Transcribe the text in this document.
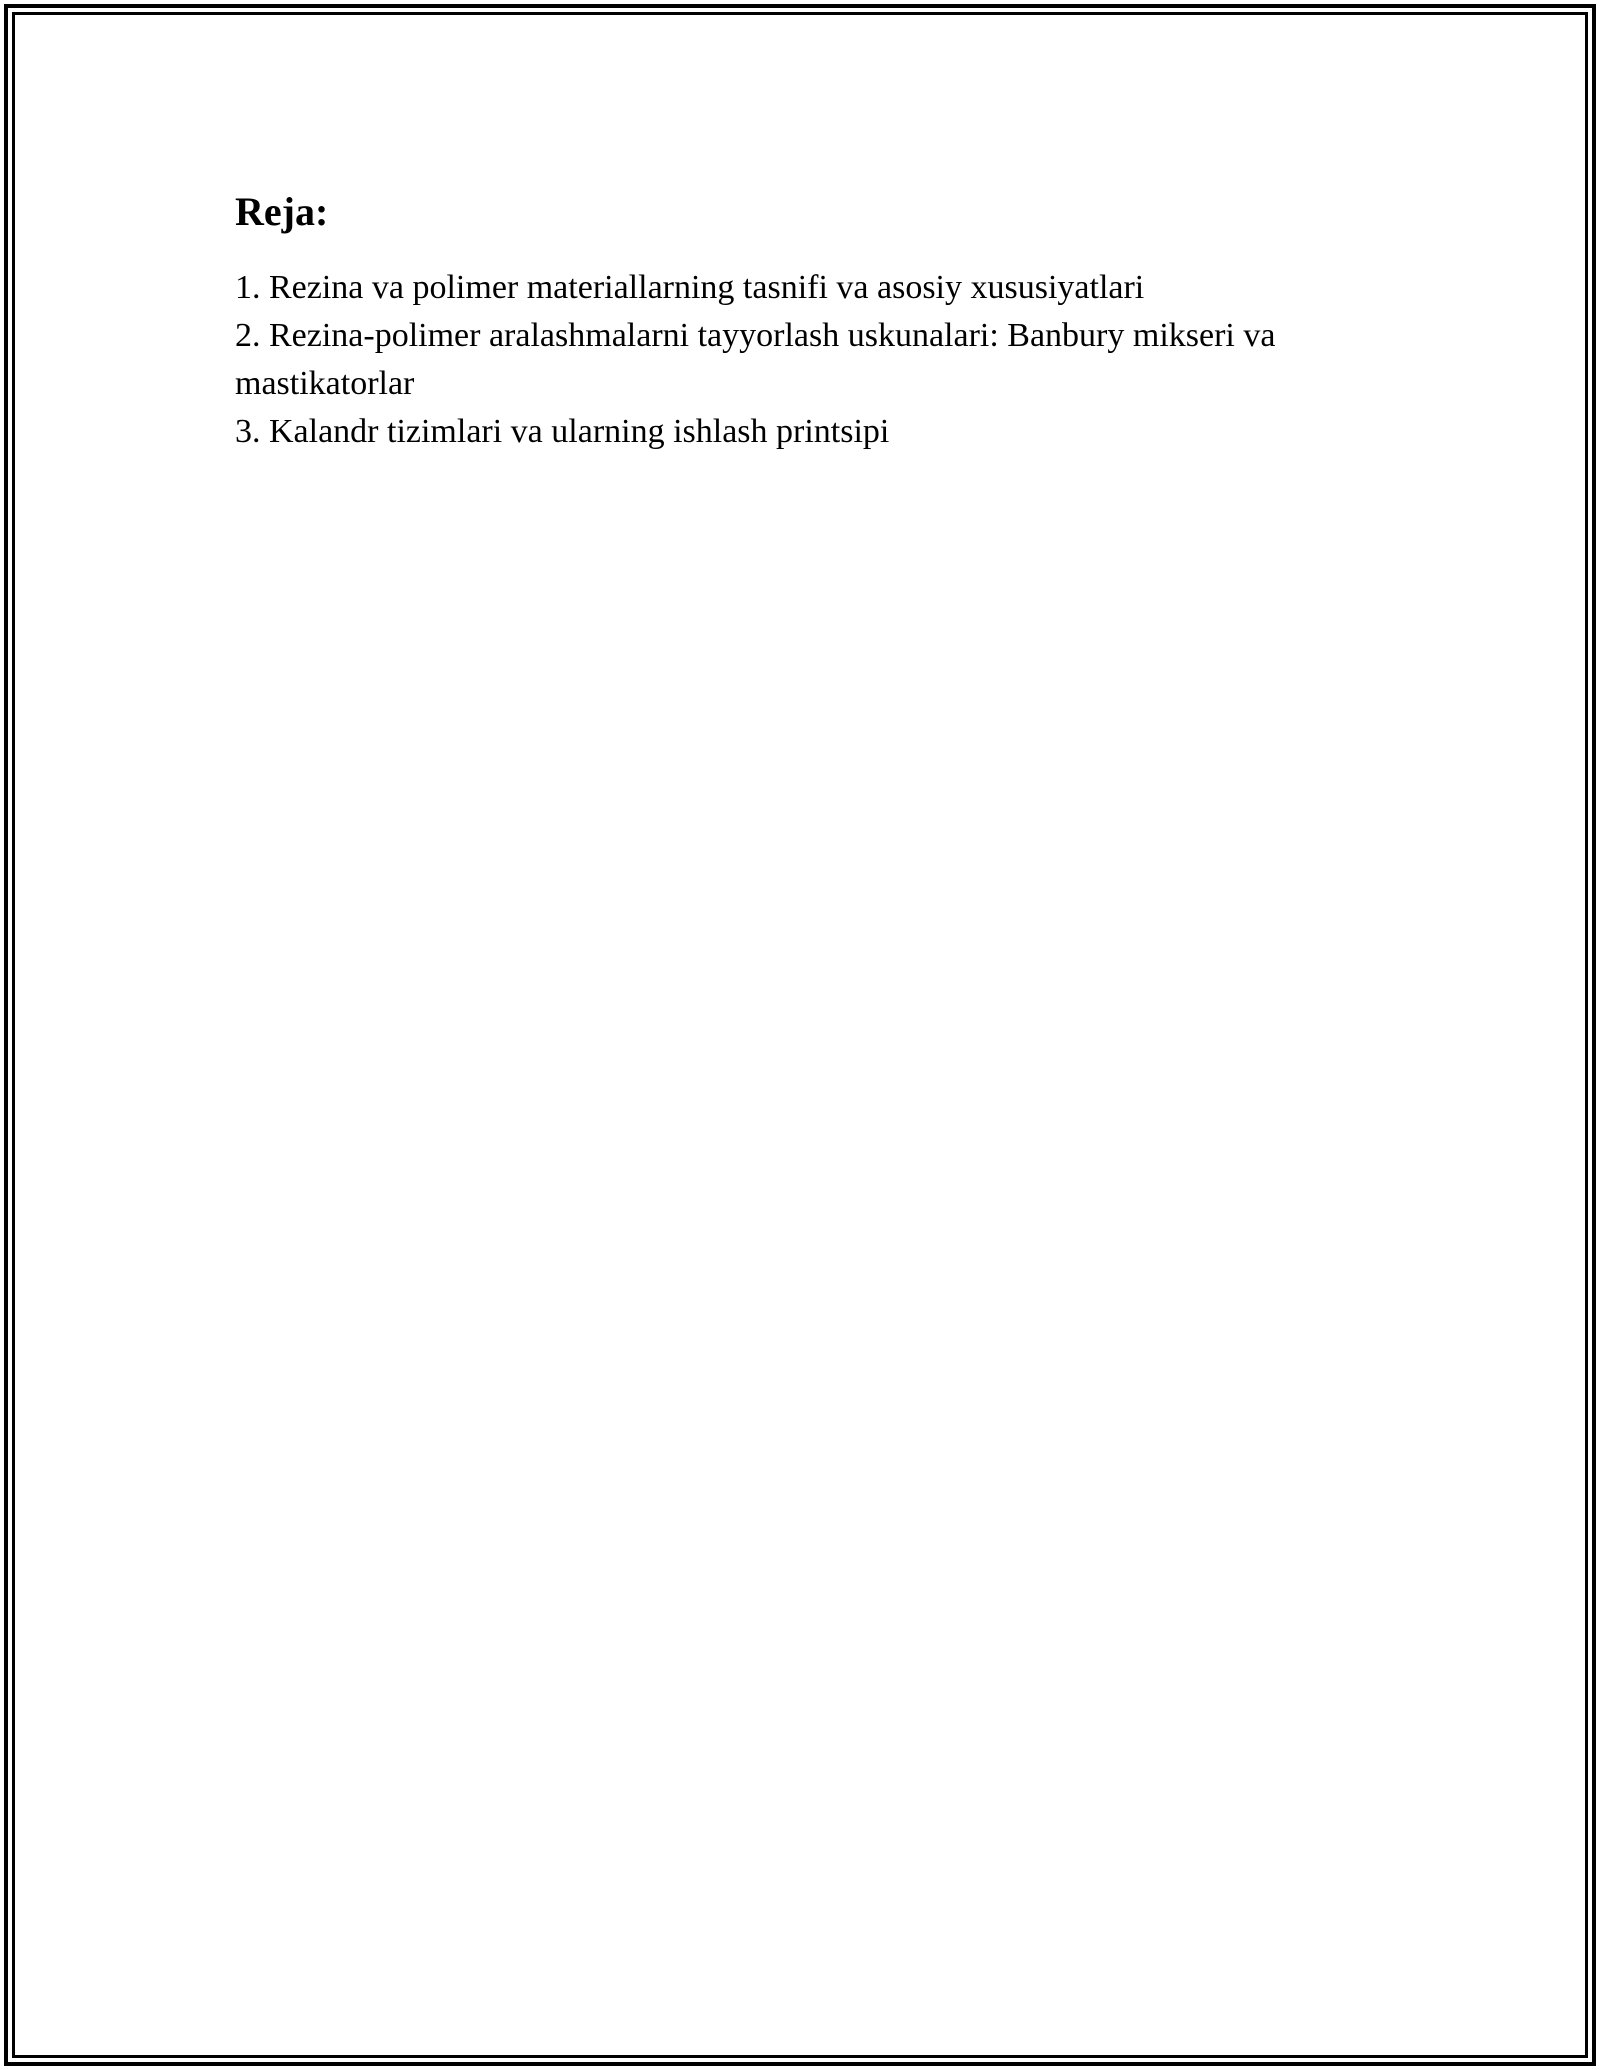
Reja:
1. Rezina va polimer materiallarning tasnifi va asosiy xususiyatlari
2. Rezina-polimer aralashmalarni tayyorlash uskunalari: Banbury mikseri va mastikatorlar
3. Kalandr tizimlari va ularning ishlash printsipi
